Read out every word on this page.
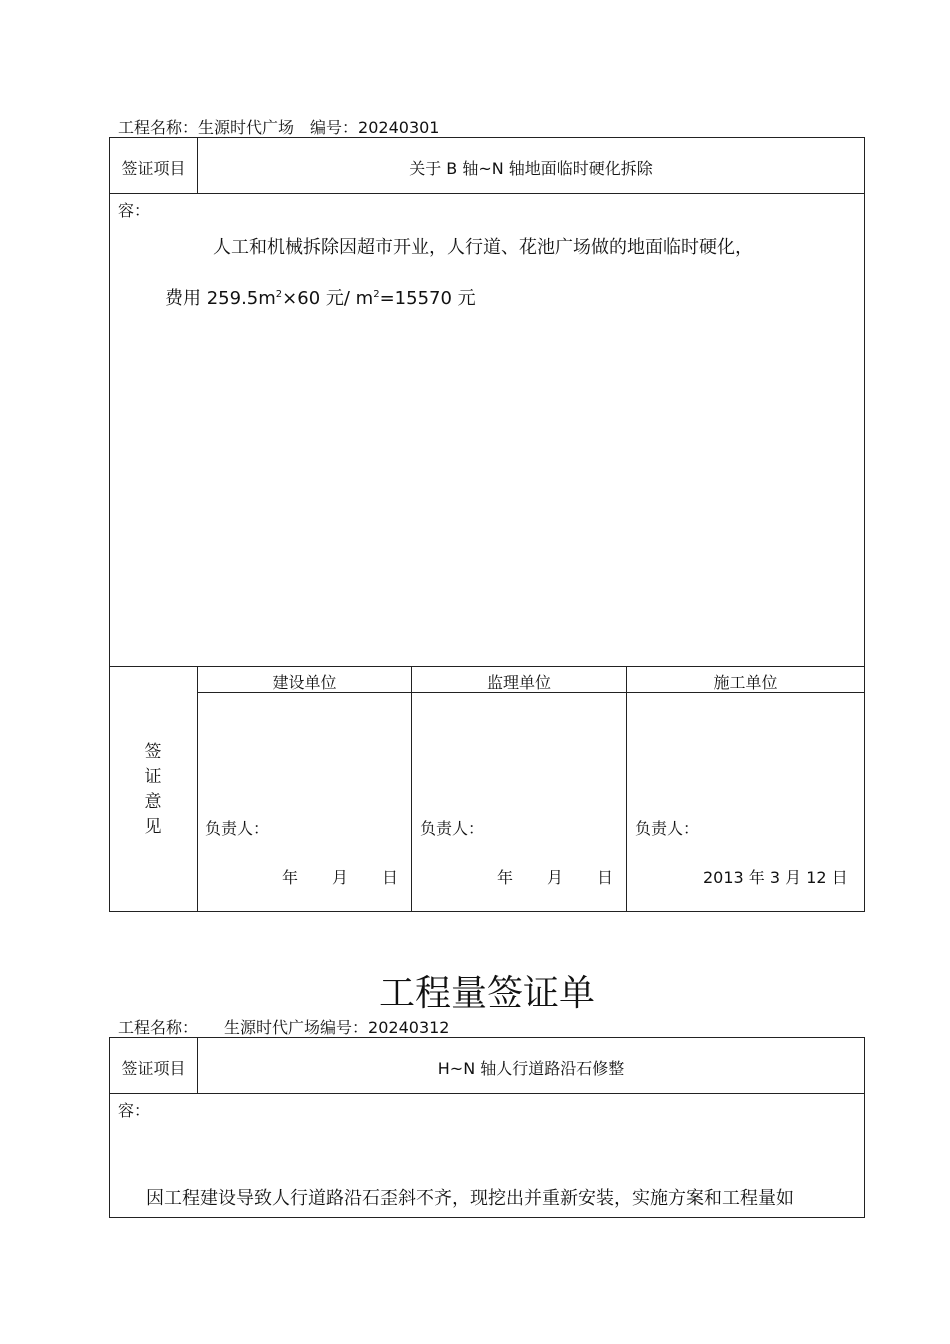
工程名称：生源时代广场 编号：20240301
签证项目	关于 B 轴~N 轴地面临时硬化拆除
容：
人工和机械拆除因超市开业，人行道、花池广场做的地面临时硬化，
费用 $259.5m^2\times 60$ 元/ $m^2=15570$ 元
签
证
意
见
建设单位	监理单位	施工单位
负责人：	负责人：	负责人：
年 月 日	年 月 日	2013 年 3 月 12 日
工程量签证单
工程名称： 生源时代广场编号：20240312
签证项目	H~N 轴人行道路沿石修整
容：
因工程建设导致人行道路沿石歪斜不齐，现挖出并重新安装，实施方案和工程量如
